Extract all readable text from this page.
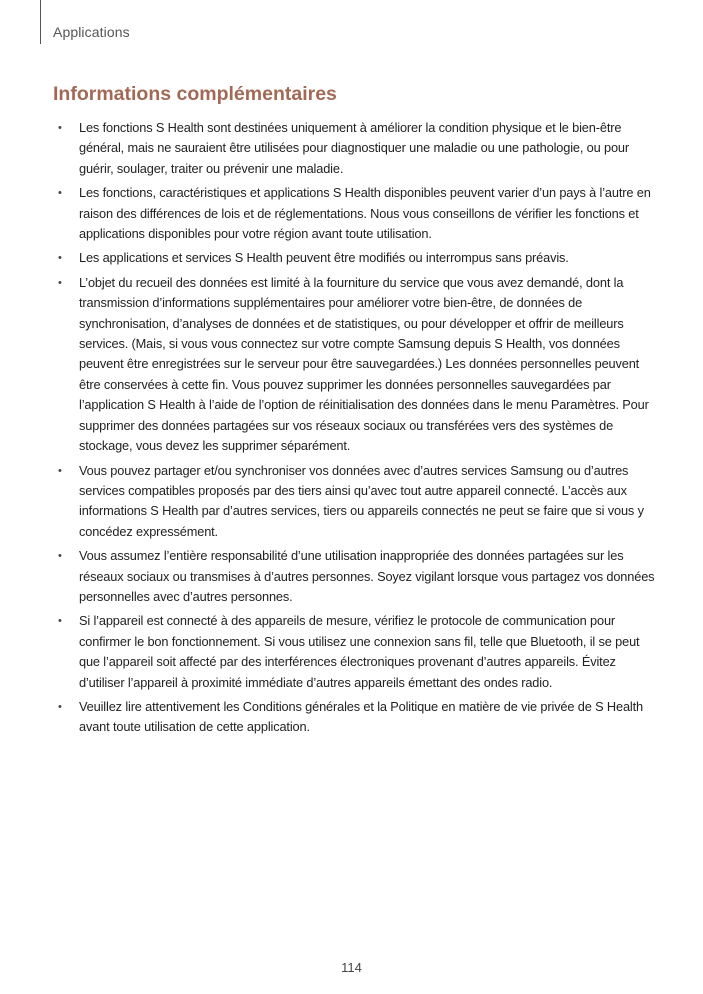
Applications
Informations complémentaires
•	Les fonctions S Health sont destinées uniquement à améliorer la condition physique et le bien-être général, mais ne sauraient être utilisées pour diagnostiquer une maladie ou une pathologie, ou pour guérir, soulager, traiter ou prévenir une maladie.
•	Les fonctions, caractéristiques et applications S Health disponibles peuvent varier d’un pays à l’autre en raison des différences de lois et de réglementations. Nous vous conseillons de vérifier les fonctions et applications disponibles pour votre région avant toute utilisation.
•	Les applications et services S Health peuvent être modifiés ou interrompus sans préavis.
•	L’objet du recueil des données est limité à la fourniture du service que vous avez demandé, dont la transmission d’informations supplémentaires pour améliorer votre bien-être, de données de synchronisation, d’analyses de données et de statistiques, ou pour développer et offrir de meilleurs services. (Mais, si vous vous connectez sur votre compte Samsung depuis S Health, vos données peuvent être enregistrées sur le serveur pour être sauvegardées.) Les données personnelles peuvent être conservées à cette fin. Vous pouvez supprimer les données personnelles sauvegardées par l’application S Health à l’aide de l’option de réinitialisation des données dans le menu Paramètres. Pour supprimer des données partagées sur vos réseaux sociaux ou transférées vers des systèmes de stockage, vous devez les supprimer séparément.
•	Vous pouvez partager et/ou synchroniser vos données avec d’autres services Samsung ou d’autres services compatibles proposés par des tiers ainsi qu’avec tout autre appareil connecté. L’accès aux informations S Health par d’autres services, tiers ou appareils connectés ne peut se faire que si vous y concédez expressément.
•	Vous assumez l’entière responsabilité d’une utilisation inappropriée des données partagées sur les réseaux sociaux ou transmises à d’autres personnes. Soyez vigilant lorsque vous partagez vos données personnelles avec d’autres personnes.
•	Si l’appareil est connecté à des appareils de mesure, vérifiez le protocole de communication pour confirmer le bon fonctionnement. Si vous utilisez une connexion sans fil, telle que Bluetooth, il se peut que l’appareil soit affecté par des interférences électroniques provenant d’autres appareils. Évitez d’utiliser l’appareil à proximité immédiate d’autres appareils émettant des ondes radio.
•	Veuillez lire attentivement les Conditions générales et la Politique en matière de vie privée de S Health avant toute utilisation de cette application.
114
